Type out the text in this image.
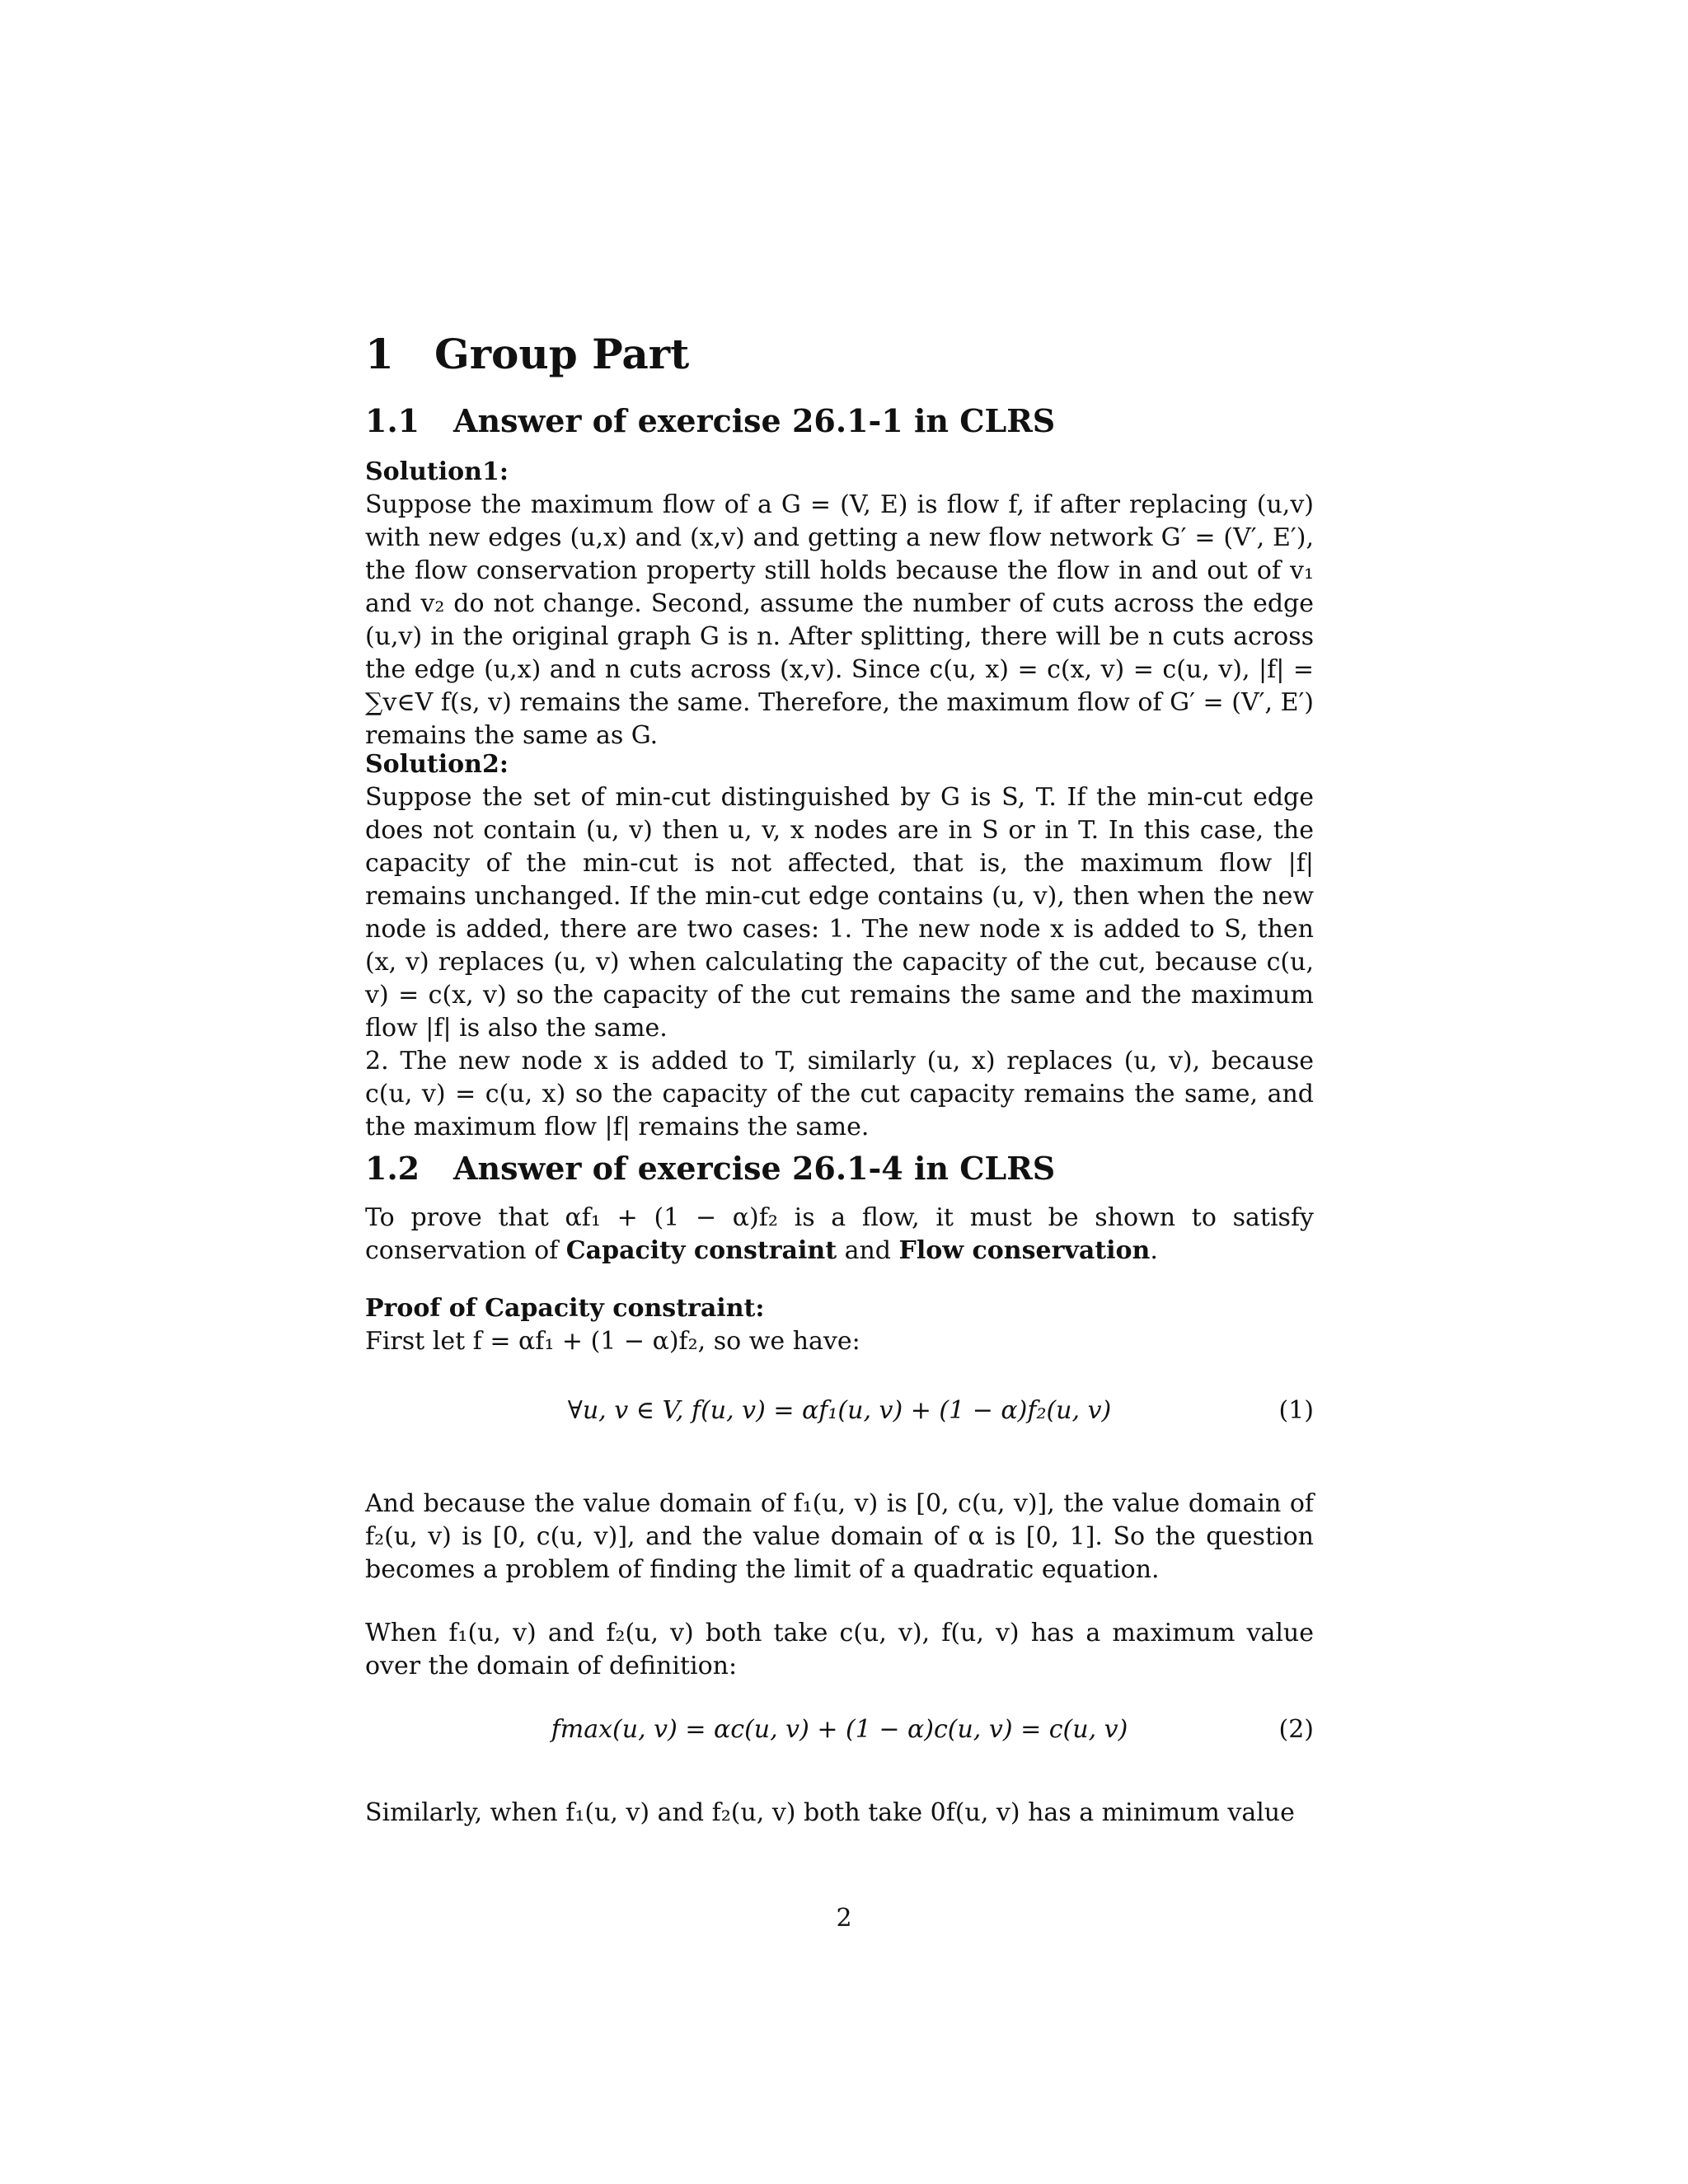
1 Group Part
1.1 Answer of exercise 26.1-1 in CLRS

Solution1:

Suppose the maximum flow of a G = (V, E) is flow f, if after replacing (u,v) with new edges (u,x) and (x,v) and getting a new flow network G′ = (V′, E′), the flow conservation property still holds because the flow in and out of v₁ and v₂ do not change. Second, assume the number of cuts across the edge (u,v) in the original graph G is n. After splitting, there will be n cuts across the edge (u,x) and n cuts across (x,v). Since c(u, x) = c(x, v) = c(u, v), |f| = ∑v∈V f(s, v) remains the same. Therefore, the maximum flow of G′ = (V′, E′) remains the same as G.

Solution2:

Suppose the set of min-cut distinguished by G is S, T. If the min-cut edge does not contain (u, v) then u, v, x nodes are in S or in T. In this case, the capacity of the min-cut is not affected, that is, the maximum flow |f| remains unchanged. If the min-cut edge contains (u, v), then when the new node is added, there are two cases: 1. The new node x is added to S, then (x, v) replaces (u, v) when calculating the capacity of the cut, because c(u, v) = c(x, v) so the capacity of the cut remains the same and the maximum flow |f| is also the same.

2. The new node x is added to T, similarly (u, x) replaces (u, v), because c(u, v) = c(u, x) so the capacity of the cut capacity remains the same, and the maximum flow |f| remains the same.

1.2 Answer of exercise 26.1-4 in CLRS

To prove that αf₁ + (1 − α)f₂ is a flow, it must be shown to satisfy conservation of Capacity constraint and Flow conservation.

Proof of Capacity constraint:

First let f = αf₁ + (1 − α)f₂, so we have:

∀u, v ∈ V, f(u, v) = αf₁(u, v) + (1 − α)f₂(u, v)	(1)

And because the value domain of f₁(u, v) is [0, c(u, v)], the value domain of f₂(u, v) is [0, c(u, v)], and the value domain of α is [0, 1]. So the question becomes a problem of finding the limit of a quadratic equation.

When f₁(u, v) and f₂(u, v) both take c(u, v), f(u, v) has a maximum value over the domain of definition:

fmax(u, v) = αc(u, v) + (1 − α)c(u, v) = c(u, v)	(2)

Similarly, when f₁(u, v) and f₂(u, v) both take 0f(u, v) has a minimum value

2
